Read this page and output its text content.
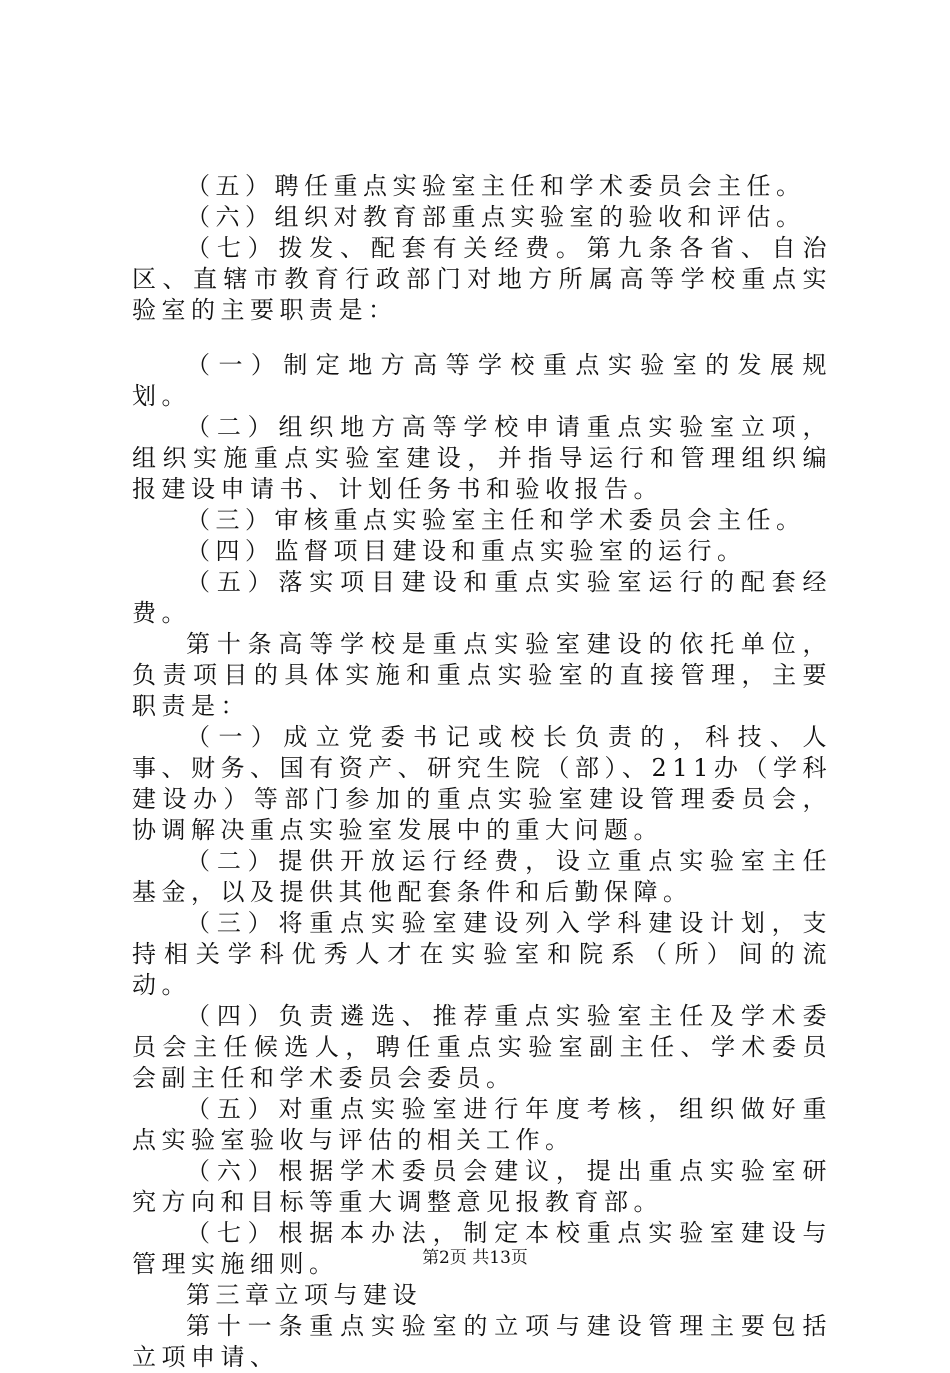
（五）聘任重点实验室主任和学术委员会主任。

（六）组织对教育部重点实验室的验收和评估。

（七）拨发、配套有关经费。第九条各省、自治区、直辖市教育行政部门对地方所属高等学校重点实验室的主要职责是：

（一）制定地方高等学校重点实验室的发展规划。

（二）组织地方高等学校申请重点实验室立项，组织实施重点实验室建设，并指导运行和管理组织编报建设申请书、计划任务书和验收报告。

（三）审核重点实验室主任和学术委员会主任。

（四）监督项目建设和重点实验室的运行。

（五）落实项目建设和重点实验室运行的配套经费。

第十条高等学校是重点实验室建设的依托单位，负责项目的具体实施和重点实验室的直接管理，主要职责是：

（一）成立党委书记或校长负责的，科技、人事、财务、国有资产、研究生院（部）、211办（学科建设办）等部门参加的重点实验室建设管理委员会，协调解决重点实验室发展中的重大问题。

（二）提供开放运行经费，设立重点实验室主任基金，以及提供其他配套条件和后勤保障。

（三）将重点实验室建设列入学科建设计划，支持相关学科优秀人才在实验室和院系（所）间的流动。

（四）负责遴选、推荐重点实验室主任及学术委员会主任候选人，聘任重点实验室副主任、学术委员会副主任和学术委员会委员。

（五）对重点实验室进行年度考核，组织做好重点实验室验收与评估的相关工作。

（六）根据学术委员会建议，提出重点实验室研究方向和目标等重大调整意见报教育部。

（七）根据本办法，制定本校重点实验室建设与管理实施细则。

第三章立项与建设

第十一条重点实验室的立项与建设管理主要包括立项申请、

第2页 共13页
